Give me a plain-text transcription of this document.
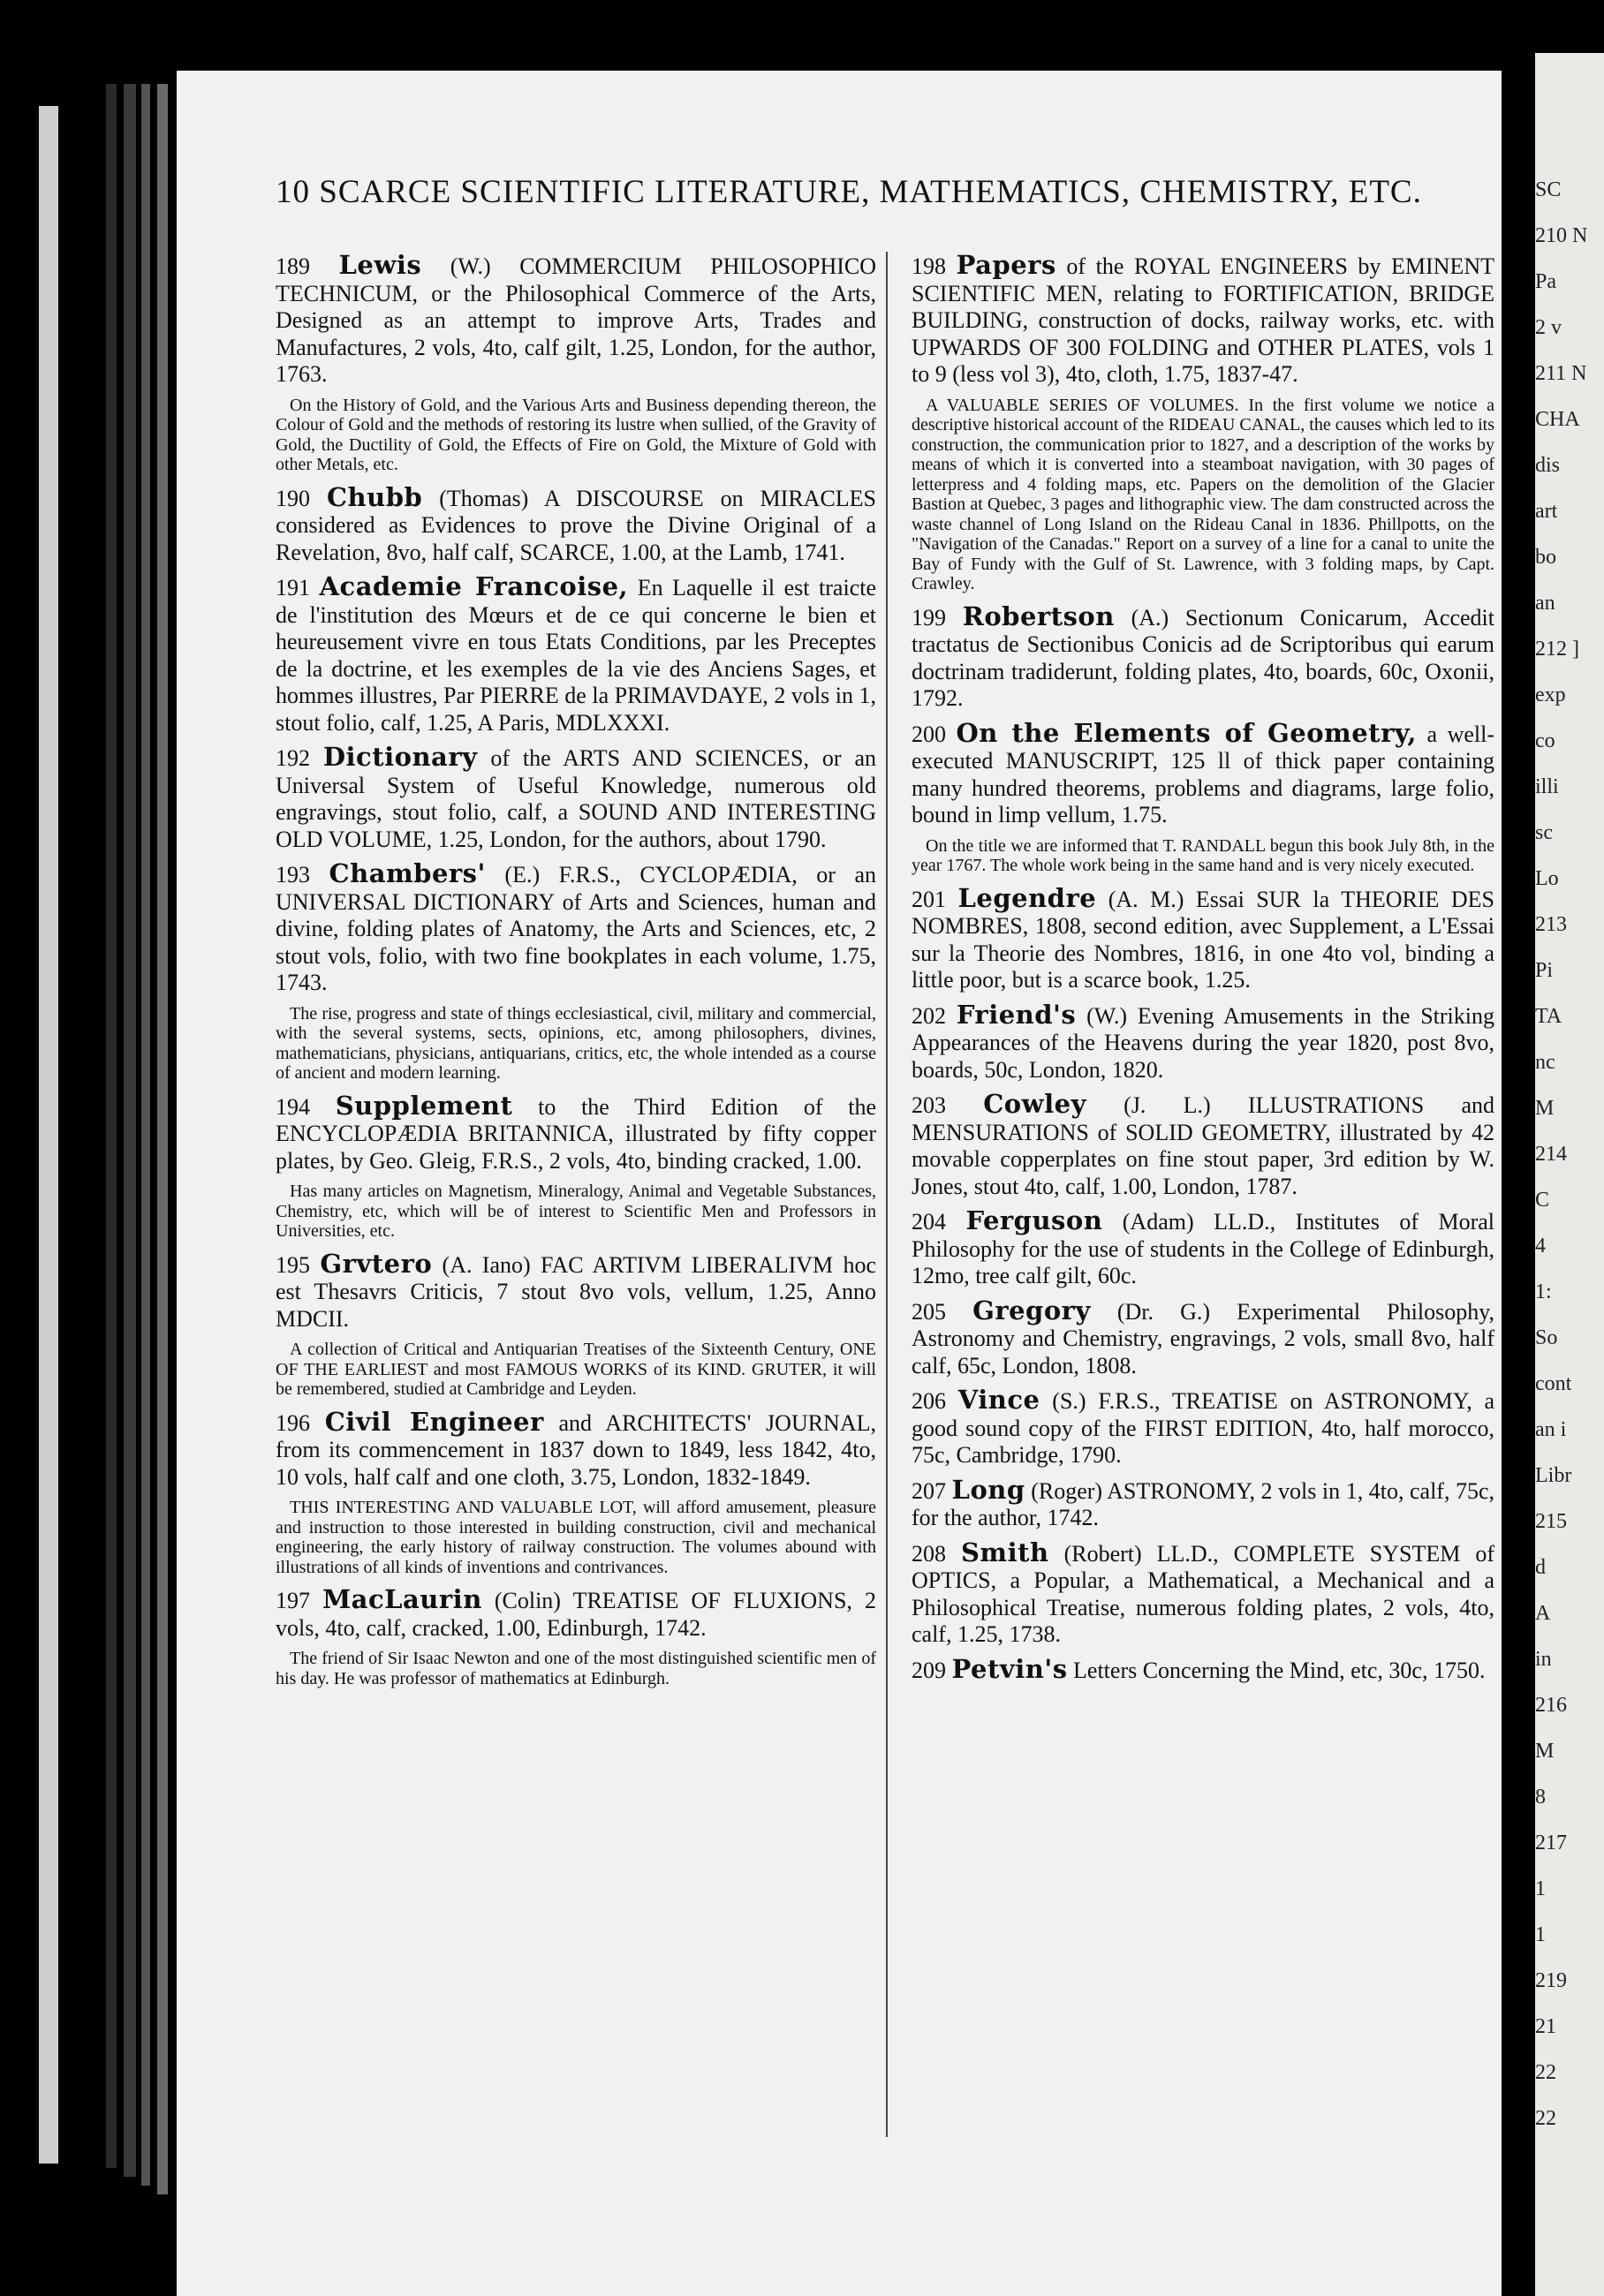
SC
210 N
Pa
2 v
211 N
CHA
dis
art
bo
an
212 ]
exp
co
illi
sc
Lo
213
Pi
TA
nc
M
214
C
4
1:
So
cont
an i
Libr
215
d
A
in
216
M
8
217
1
1
219
21
22
22
10 SCARCE SCIENTIFIC LITERATURE, MATHEMATICS, CHEMISTRY, ETC.
189 Lewis (W.) COMMERCIUM PHILOSOPHICO TECHNICUM, or the Philosophical Commerce of the Arts, Designed as an attempt to improve Arts, Trades and Manufactures, 2 vols, 4to, calf gilt, 1.25, London, for the author, 1763.
On the History of Gold, and the Various Arts and Business depending thereon, the Colour of Gold and the methods of restoring its lustre when sullied, of the Gravity of Gold, the Ductility of Gold, the Effects of Fire on Gold, the Mixture of Gold with other Metals, etc.
190 Chubb (Thomas) A DISCOURSE on MIRACLES considered as Evidences to prove the Divine Original of a Revelation, 8vo, half calf, SCARCE, 1.00, at the Lamb, 1741.
191 Academie Francoise, En Laquelle il est traicte de l'institution des Mœurs et de ce qui concerne le bien et heureusement vivre en tous Etats Conditions, par les Preceptes de la doctrine, et les exemples de la vie des Anciens Sages, et hommes illustres, Par PIERRE de la PRIMAVDAYE, 2 vols in 1, stout folio, calf, 1.25, A Paris, MDLXXXI.
192 Dictionary of the ARTS AND SCIENCES, or an Universal System of Useful Knowledge, numerous old engravings, stout folio, calf, a SOUND AND INTERESTING OLD VOLUME, 1.25, London, for the authors, about 1790.
193 Chambers' (E.) F.R.S., CYCLOPÆDIA, or an UNIVERSAL DICTIONARY of Arts and Sciences, human and divine, folding plates of Anatomy, the Arts and Sciences, etc, 2 stout vols, folio, with two fine bookplates in each volume, 1.75, 1743.
The rise, progress and state of things ecclesiastical, civil, military and commercial, with the several systems, sects, opinions, etc, among philosophers, divines, mathematicians, physicians, antiquarians, critics, etc, the whole intended as a course of ancient and modern learning.
194 Supplement to the Third Edition of the ENCYCLOPÆDIA BRITANNICA, illustrated by fifty copper plates, by Geo. Gleig, F.R.S., 2 vols, 4to, binding cracked, 1.00.
Has many articles on Magnetism, Mineralogy, Animal and Vegetable Substances, Chemistry, etc, which will be of interest to Scientific Men and Professors in Universities, etc.
195 Grvtero (A. Iano) FAC ARTIVM LIBERALIVM hoc est Thesavrs Criticis, 7 stout 8vo vols, vellum, 1.25, Anno MDCII.
A collection of Critical and Antiquarian Treatises of the Sixteenth Century, ONE OF THE EARLIEST and most FAMOUS WORKS of its KIND. GRUTER, it will be remembered, studied at Cambridge and Leyden.
196 Civil Engineer and ARCHITECTS' JOURNAL, from its commencement in 1837 down to 1849, less 1842, 4to, 10 vols, half calf and one cloth, 3.75, London, 1832-1849.
THIS INTERESTING AND VALUABLE LOT, will afford amusement, pleasure and instruction to those interested in building construction, civil and mechanical engineering, the early history of railway construction. The volumes abound with illustrations of all kinds of inventions and contrivances.
197 MacLaurin (Colin) TREATISE OF FLUXIONS, 2 vols, 4to, calf, cracked, 1.00, Edinburgh, 1742.
The friend of Sir Isaac Newton and one of the most distinguished scientific men of his day. He was professor of mathematics at Edinburgh.
198 Papers of the ROYAL ENGINEERS by EMINENT SCIENTIFIC MEN, relating to FORTIFICATION, BRIDGE BUILDING, construction of docks, railway works, etc. with UPWARDS OF 300 FOLDING and OTHER PLATES, vols 1 to 9 (less vol 3), 4to, cloth, 1.75, 1837-47.
A VALUABLE SERIES OF VOLUMES. In the first volume we notice a descriptive historical account of the RIDEAU CANAL, the causes which led to its construction, the communication prior to 1827, and a description of the works by means of which it is converted into a steamboat navigation, with 30 pages of letterpress and 4 folding maps, etc. Papers on the demolition of the Glacier Bastion at Quebec, 3 pages and lithographic view. The dam constructed across the waste channel of Long Island on the Rideau Canal in 1836. Phillpotts, on the "Navigation of the Canadas." Report on a survey of a line for a canal to unite the Bay of Fundy with the Gulf of St. Lawrence, with 3 folding maps, by Capt. Crawley.
199 Robertson (A.) Sectionum Conicarum, Accedit tractatus de Sectionibus Conicis ad de Scriptoribus qui earum doctrinam tradiderunt, folding plates, 4to, boards, 60c, Oxonii, 1792.
200 On the Elements of Geometry, a well-executed MANUSCRIPT, 125 ll of thick paper containing many hundred theorems, problems and diagrams, large folio, bound in limp vellum, 1.75.
On the title we are informed that T. RANDALL begun this book July 8th, in the year 1767. The whole work being in the same hand and is very nicely executed.
201 Legendre (A. M.) Essai SUR la THEORIE DES NOMBRES, 1808, second edition, avec Supplement, a L'Essai sur la Theorie des Nombres, 1816, in one 4to vol, binding a little poor, but is a scarce book, 1.25.
202 Friend's (W.) Evening Amusements in the Striking Appearances of the Heavens during the year 1820, post 8vo, boards, 50c, London, 1820.
203 Cowley (J. L.) ILLUSTRATIONS and MENSURATIONS of SOLID GEOMETRY, illustrated by 42 movable copperplates on fine stout paper, 3rd edition by W. Jones, stout 4to, calf, 1.00, London, 1787.
204 Ferguson (Adam) LL.D., Institutes of Moral Philosophy for the use of students in the College of Edinburgh, 12mo, tree calf gilt, 60c.
205 Gregory (Dr. G.) Experimental Philosophy, Astronomy and Chemistry, engravings, 2 vols, small 8vo, half calf, 65c, London, 1808.
206 Vince (S.) F.R.S., TREATISE on ASTRONOMY, a good sound copy of the FIRST EDITION, 4to, half morocco, 75c, Cambridge, 1790.
207 Long (Roger) ASTRONOMY, 2 vols in 1, 4to, calf, 75c, for the author, 1742.
208 Smith (Robert) LL.D., COMPLETE SYSTEM of OPTICS, a Popular, a Mathematical, a Mechanical and a Philosophical Treatise, numerous folding plates, 2 vols, 4to, calf, 1.25, 1738.
209 Petvin's Letters Concerning the Mind, etc, 30c, 1750.
